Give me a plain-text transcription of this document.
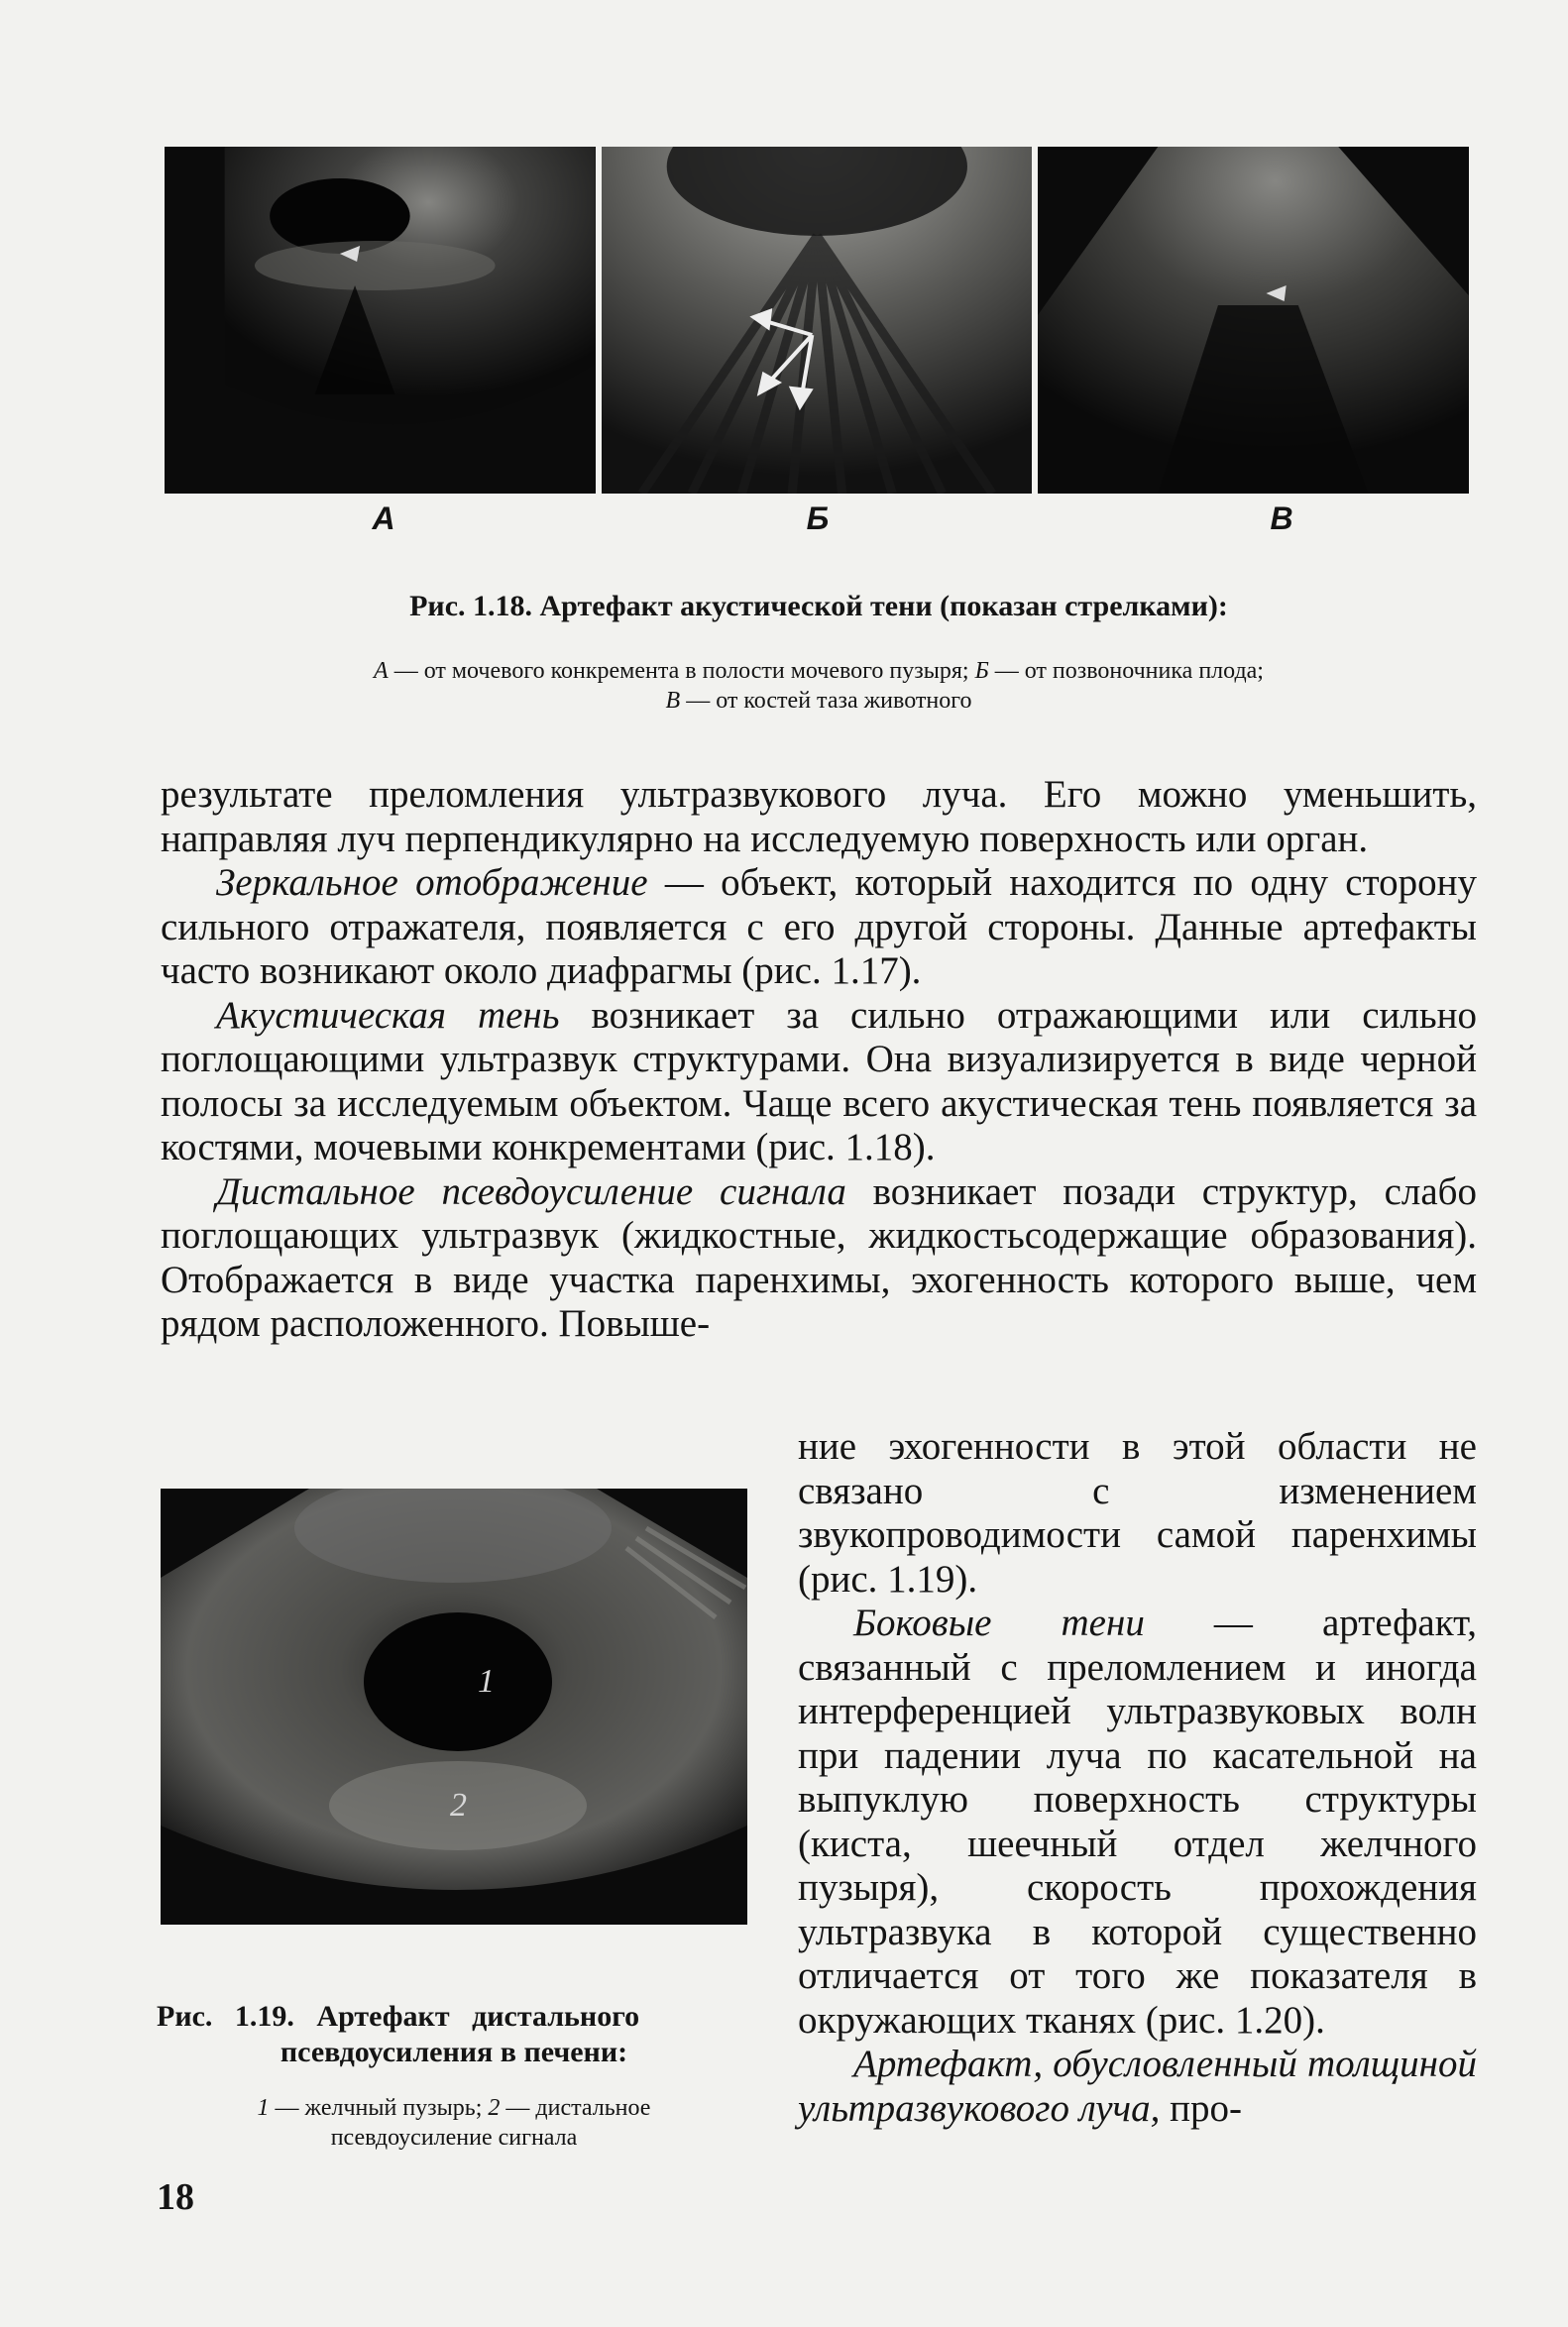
А	Б	В
Рис. 1.18. Артефакт акустической тени (показан стрелками):
А — от мочевого конкремента в полости мочевого пузыря; Б — от позвоночника плода;
В — от костей таза животного

результате преломления ультразвукового луча. Его можно уменьшить, направляя луч перпендикулярно на исследуемую поверхность или орган.

Зеркальное отображение — объект, который находится по одну сторону сильного отражателя, появляется с его другой стороны. Данные артефакты часто возникают около диафрагмы (рис. 1.17).

Акустическая тень возникает за сильно отражающими или сильно поглощающими ультразвук структурами. Она визуализируется в виде черной полосы за исследуемым объектом. Чаще всего акустическая тень появляется за костями, мочевыми конкрементами (рис. 1.18).

Дистальное псевдоусиление сигнала возникает позади структур, слабо поглощающих ультразвук (жидкостные, жидкостьсодержащие образования). Отображается в виде участка паренхимы, эхогенность которого выше, чем рядом расположенного. Повыше-

ние эхогенности в этой области не связано с изменением звукопроводимости самой паренхимы (рис. 1.19).

Боковые тени — артефакт, связанный с преломлением и иногда интерференцией ультразвуковых волн при падении луча по касательной на выпуклую поверхность структуры (киста, шеечный отдел желчного пузыря), скорость прохождения ультразвука в которой существенно отличается от того же показателя в окружающих тканях (рис. 1.20).

Артефакт, обусловленный толщиной ультразвукового луча, про-

1
2
Рис.   1.19.   Артефакт   дистального
псевдоусиления в печени:
1 — желчный пузырь; 2 — дистальное
псевдоусиление сигнала
18
